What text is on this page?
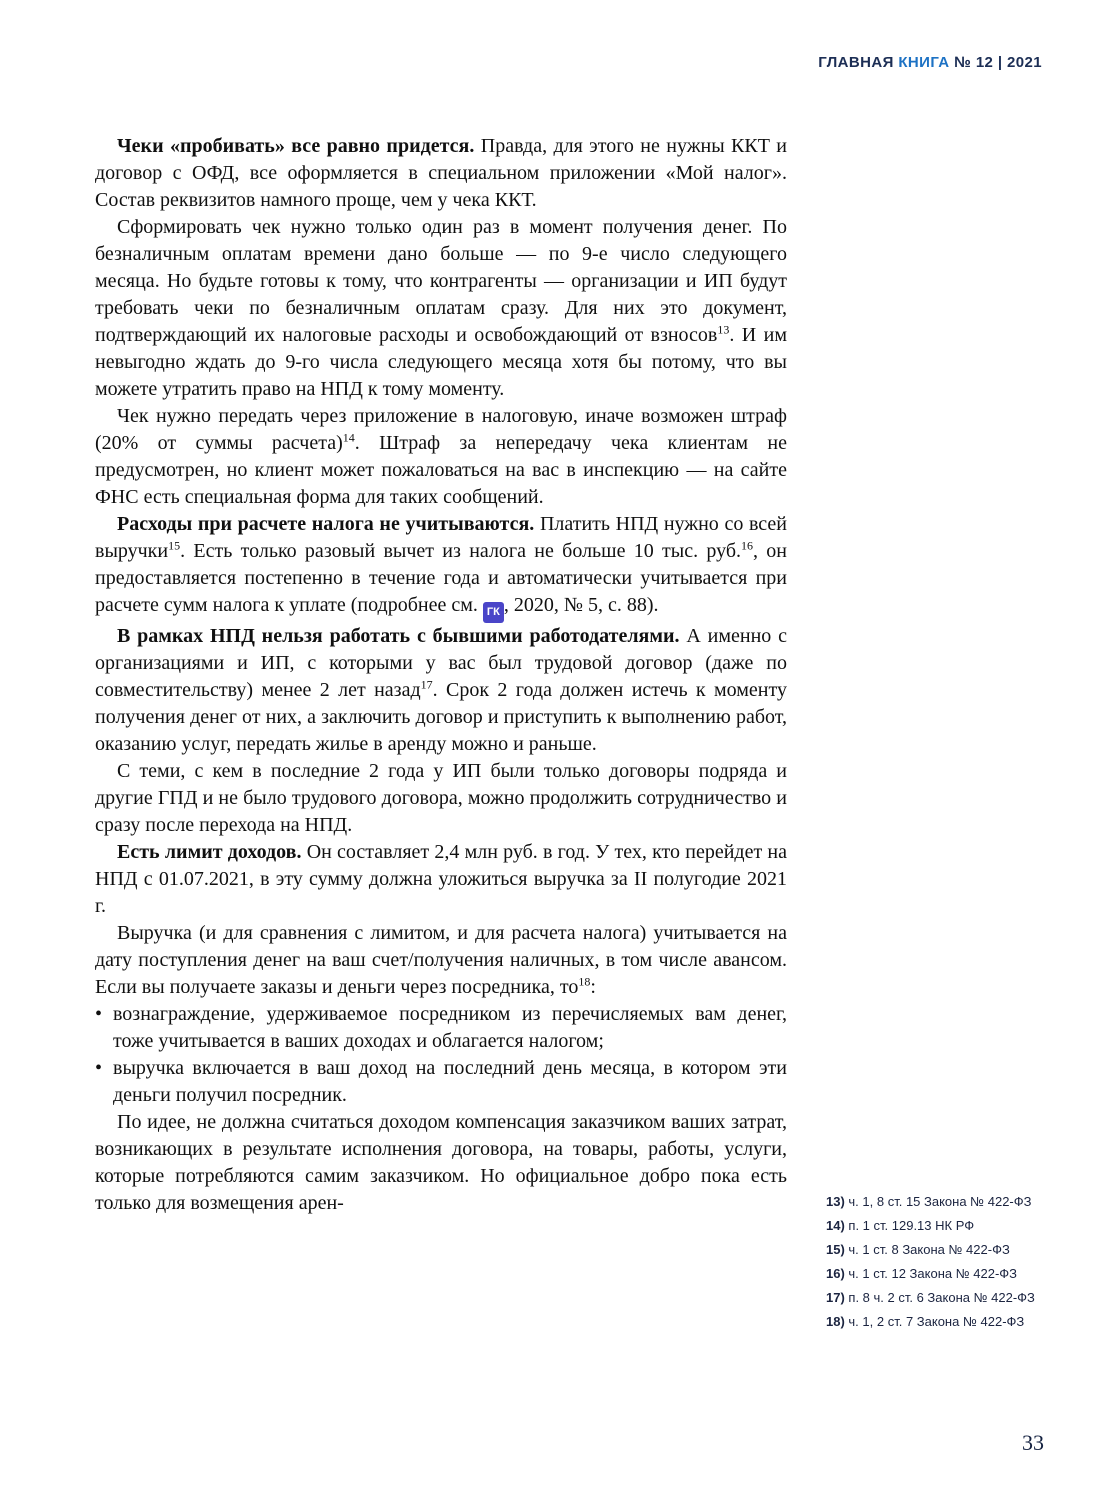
ГЛАВНАЯ КНИГА № 12 | 2021
Чеки «пробивать» все равно придется. Правда, для этого не нужны ККТ и договор с ОФД, все оформляется в специальном приложении «Мой налог». Состав реквизитов намного проще, чем у чека ККТ.
Сформировать чек нужно только один раз в момент получения денег. По безналичным оплатам времени дано больше — по 9-е число следующего месяца. Но будьте готовы к тому, что контрагенты — организации и ИП будут требовать чеки по безналичным оплатам сразу. Для них это документ, подтверждающий их налоговые расходы и освобождающий от взносов$^{13}$. И им невыгодно ждать до 9-го числа следующего месяца хотя бы потому, что вы можете утратить право на НПД к тому моменту.
Чек нужно передать через приложение в налоговую, иначе возможен штраф (20% от суммы расчета)$^{14}$. Штраф за непередачу чека клиентам не предусмотрен, но клиент может пожаловаться на вас в инспекцию — на сайте ФНС есть специальная форма для таких сообщений.
Расходы при расчете налога не учитываются. Платить НПД нужно со всей выручки$^{15}$. Есть только разовый вычет из налога не больше 10 тыс. руб.$^{16}$, он предоставляется постепенно в течение года и автоматически учитывается при расчете сумм налога к уплате (подробнее см. ГК , 2020, № 5, с. 88).
В рамках НПД нельзя работать с бывшими работодателями. А именно с организациями и ИП, с которыми у вас был трудовой договор (даже по совместительству) менее 2 лет назад$^{17}$. Срок 2 года должен истечь к моменту получения денег от них, а заключить договор и приступить к выполнению работ, оказанию услуг, передать жилье в аренду можно и раньше.
С теми, с кем в последние 2 года у ИП были только договоры подряда и другие ГПД и не было трудового договора, можно продолжить сотрудничество и сразу после перехода на НПД.
Есть лимит доходов. Он составляет 2,4 млн руб. в год. У тех, кто перейдет на НПД с 01.07.2021, в эту сумму должна уложиться выручка за II полугодие 2021 г.
Выручка (и для сравнения с лимитом, и для расчета налога) учитывается на дату поступления денег на ваш счет/получения наличных, в том числе авансом. Если вы получаете заказы и деньги через посредника, $то^{18}$:
• вознаграждение, удерживаемое посредником из перечисляемых вам денег, тоже учитывается в ваших доходах и облагается налогом;
• выручка включается в ваш доход на последний день месяца, в котором эти деньги получил посредник.
По идее, не должна считаться доходом компенсация заказчиком ваших затрат, возникающих в результате исполнения договора, на товары, работы, услуги, которые потребляются самим заказчиком. Но официальное добро пока есть только для возмещения арен-	13) ч. 1, 8 ст. 15 Закона № 422-ФЗ
14) п. 1 ст. 129.13 НК РФ
15) ч. 1 ст. 8 Закона № 422-ФЗ
16) ч. 1 ст. 12 Закона № 422-ФЗ
17) п. 8 ч. 2 ст. 6 Закона № 422-ФЗ
18) ч. 1, 2 ст. 7 Закона № 422-ФЗ
33
